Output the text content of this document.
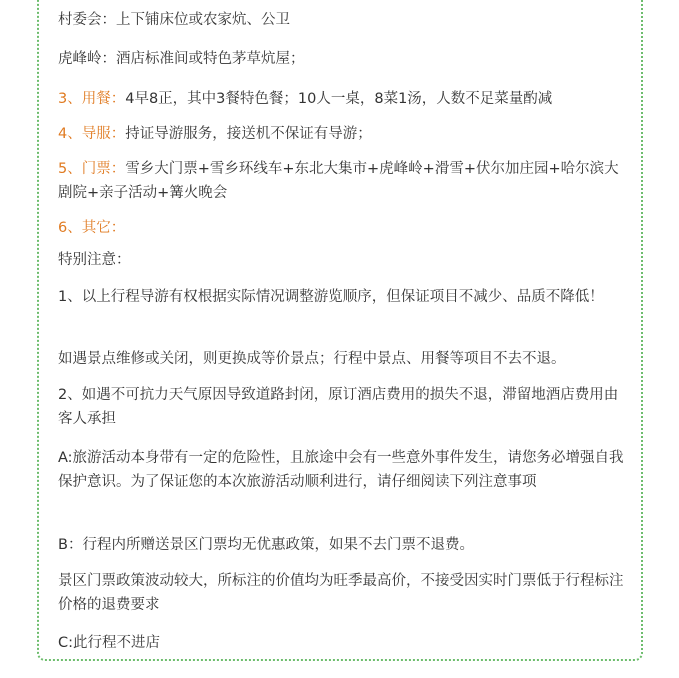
村委会：上下铺床位或农家炕、公卫

虎峰岭：酒店标准间或特色茅草炕屋；

3、用餐：4早8正，其中3餐特色餐；10人一桌，8菜1汤，人数不足菜量酌减

4、导服：持证导游服务，接送机不保证有导游；

5、门票：雪乡大门票+雪乡环线车+东北大集市+虎峰岭+滑雪+伏尔加庄园+哈尔滨大剧院+亲子活动+篝火晚会

6、其它：

特别注意：

1、以上行程导游有权根据实际情况调整游览顺序，但保证项目不减少、品质不降低！

如遇景点维修或关闭，则更换成等价景点；行程中景点、用餐等项目不去不退。

2、如遇不可抗力天气原因导致道路封闭，原订酒店费用的损失不退，滞留地酒店费用由客人承担

A:旅游活动本身带有一定的危险性，且旅途中会有一些意外事件发生，请您务必增强自我保护意识。为了保证您的本次旅游活动顺利进行，请仔细阅读下列注意事项

B：行程内所赠送景区门票均无优惠政策，如果不去门票不退费。

景区门票政策波动较大，所标注的价值均为旺季最高价，不接受因实时门票低于行程标注价格的退费要求

C:此行程不进店
